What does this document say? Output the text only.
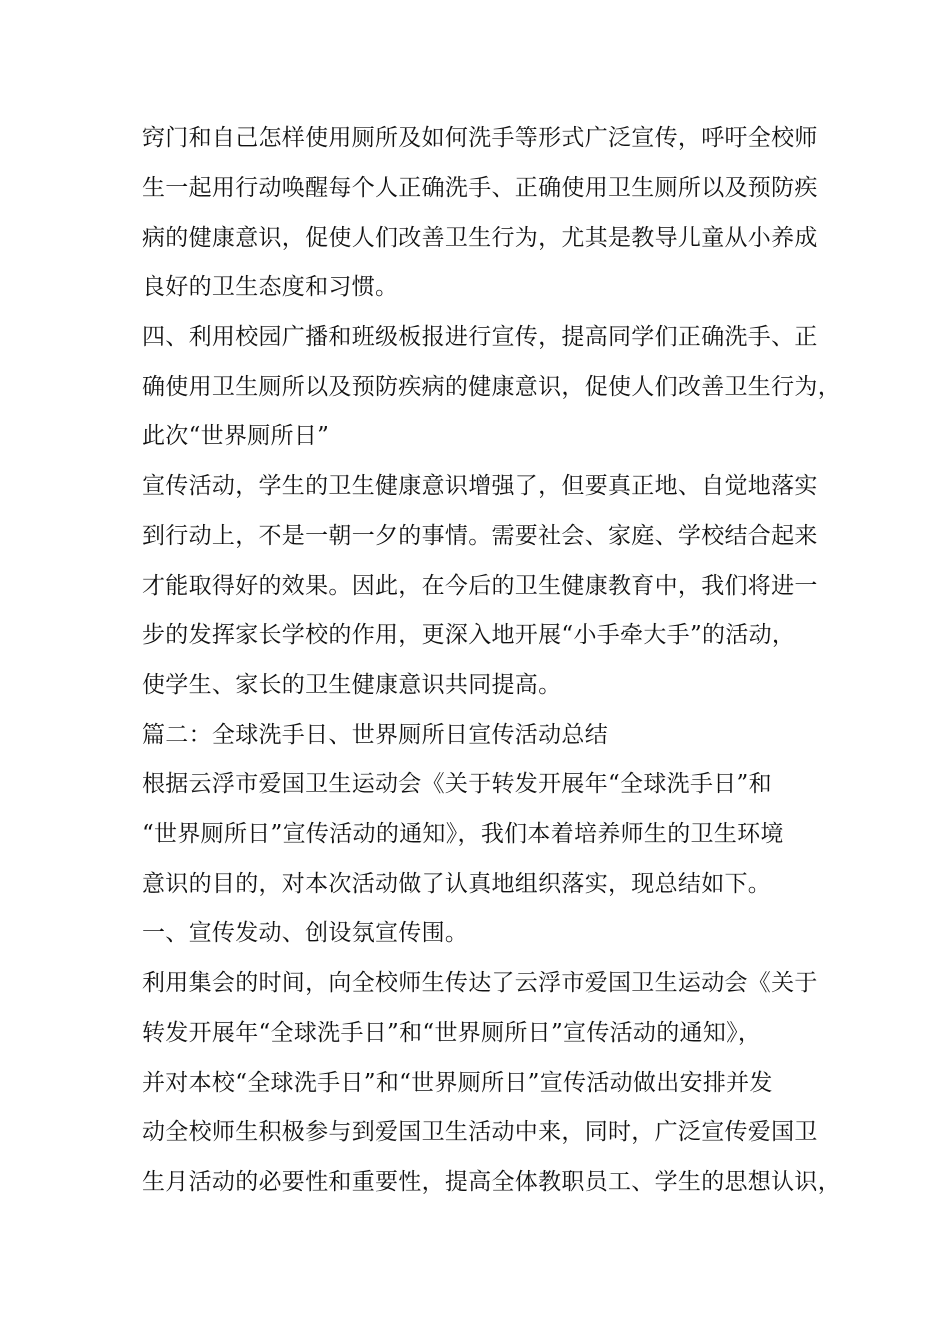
窍门和自己怎样使用厕所及如何洗手等形式广泛宣传，呼吁全校师
生一起用行动唤醒每个人正确洗手、正确使用卫生厕所以及预防疾
病的健康意识，促使人们改善卫生行为，尤其是教导儿童从小养成
良好的卫生态度和习惯。
四、利用校园广播和班级板报进行宣传，提高同学们正确洗手、正
确使用卫生厕所以及预防疾病的健康意识，促使人们改善卫生行为，
此次“世界厕所日”
宣传活动，学生的卫生健康意识增强了，但要真正地、自觉地落实
到行动上，不是一朝一夕的事情。需要社会、家庭、学校结合起来
才能取得好的效果。因此，在今后的卫生健康教育中，我们将进一
步的发挥家长学校的作用，更深入地开展“小手牵大手”的活动，
使学生、家长的卫生健康意识共同提高。
篇二：全球洗手日、世界厕所日宣传活动总结
根据云浮市爱国卫生运动会《关于转发开展年“全球洗手日”和
“世界厕所日”宣传活动的通知》，我们本着培养师生的卫生环境
意识的目的，对本次活动做了认真地组织落实，现总结如下。
一、宣传发动、创设氛宣传围。
利用集会的时间，向全校师生传达了云浮市爱国卫生运动会《关于
转发开展年“全球洗手日”和“世界厕所日”宣传活动的通知》，
并对本校“全球洗手日”和“世界厕所日”宣传活动做出安排并发
动全校师生积极参与到爱国卫生活动中来，同时，广泛宣传爱国卫
生月活动的必要性和重要性，提高全体教职员工、学生的思想认识，
